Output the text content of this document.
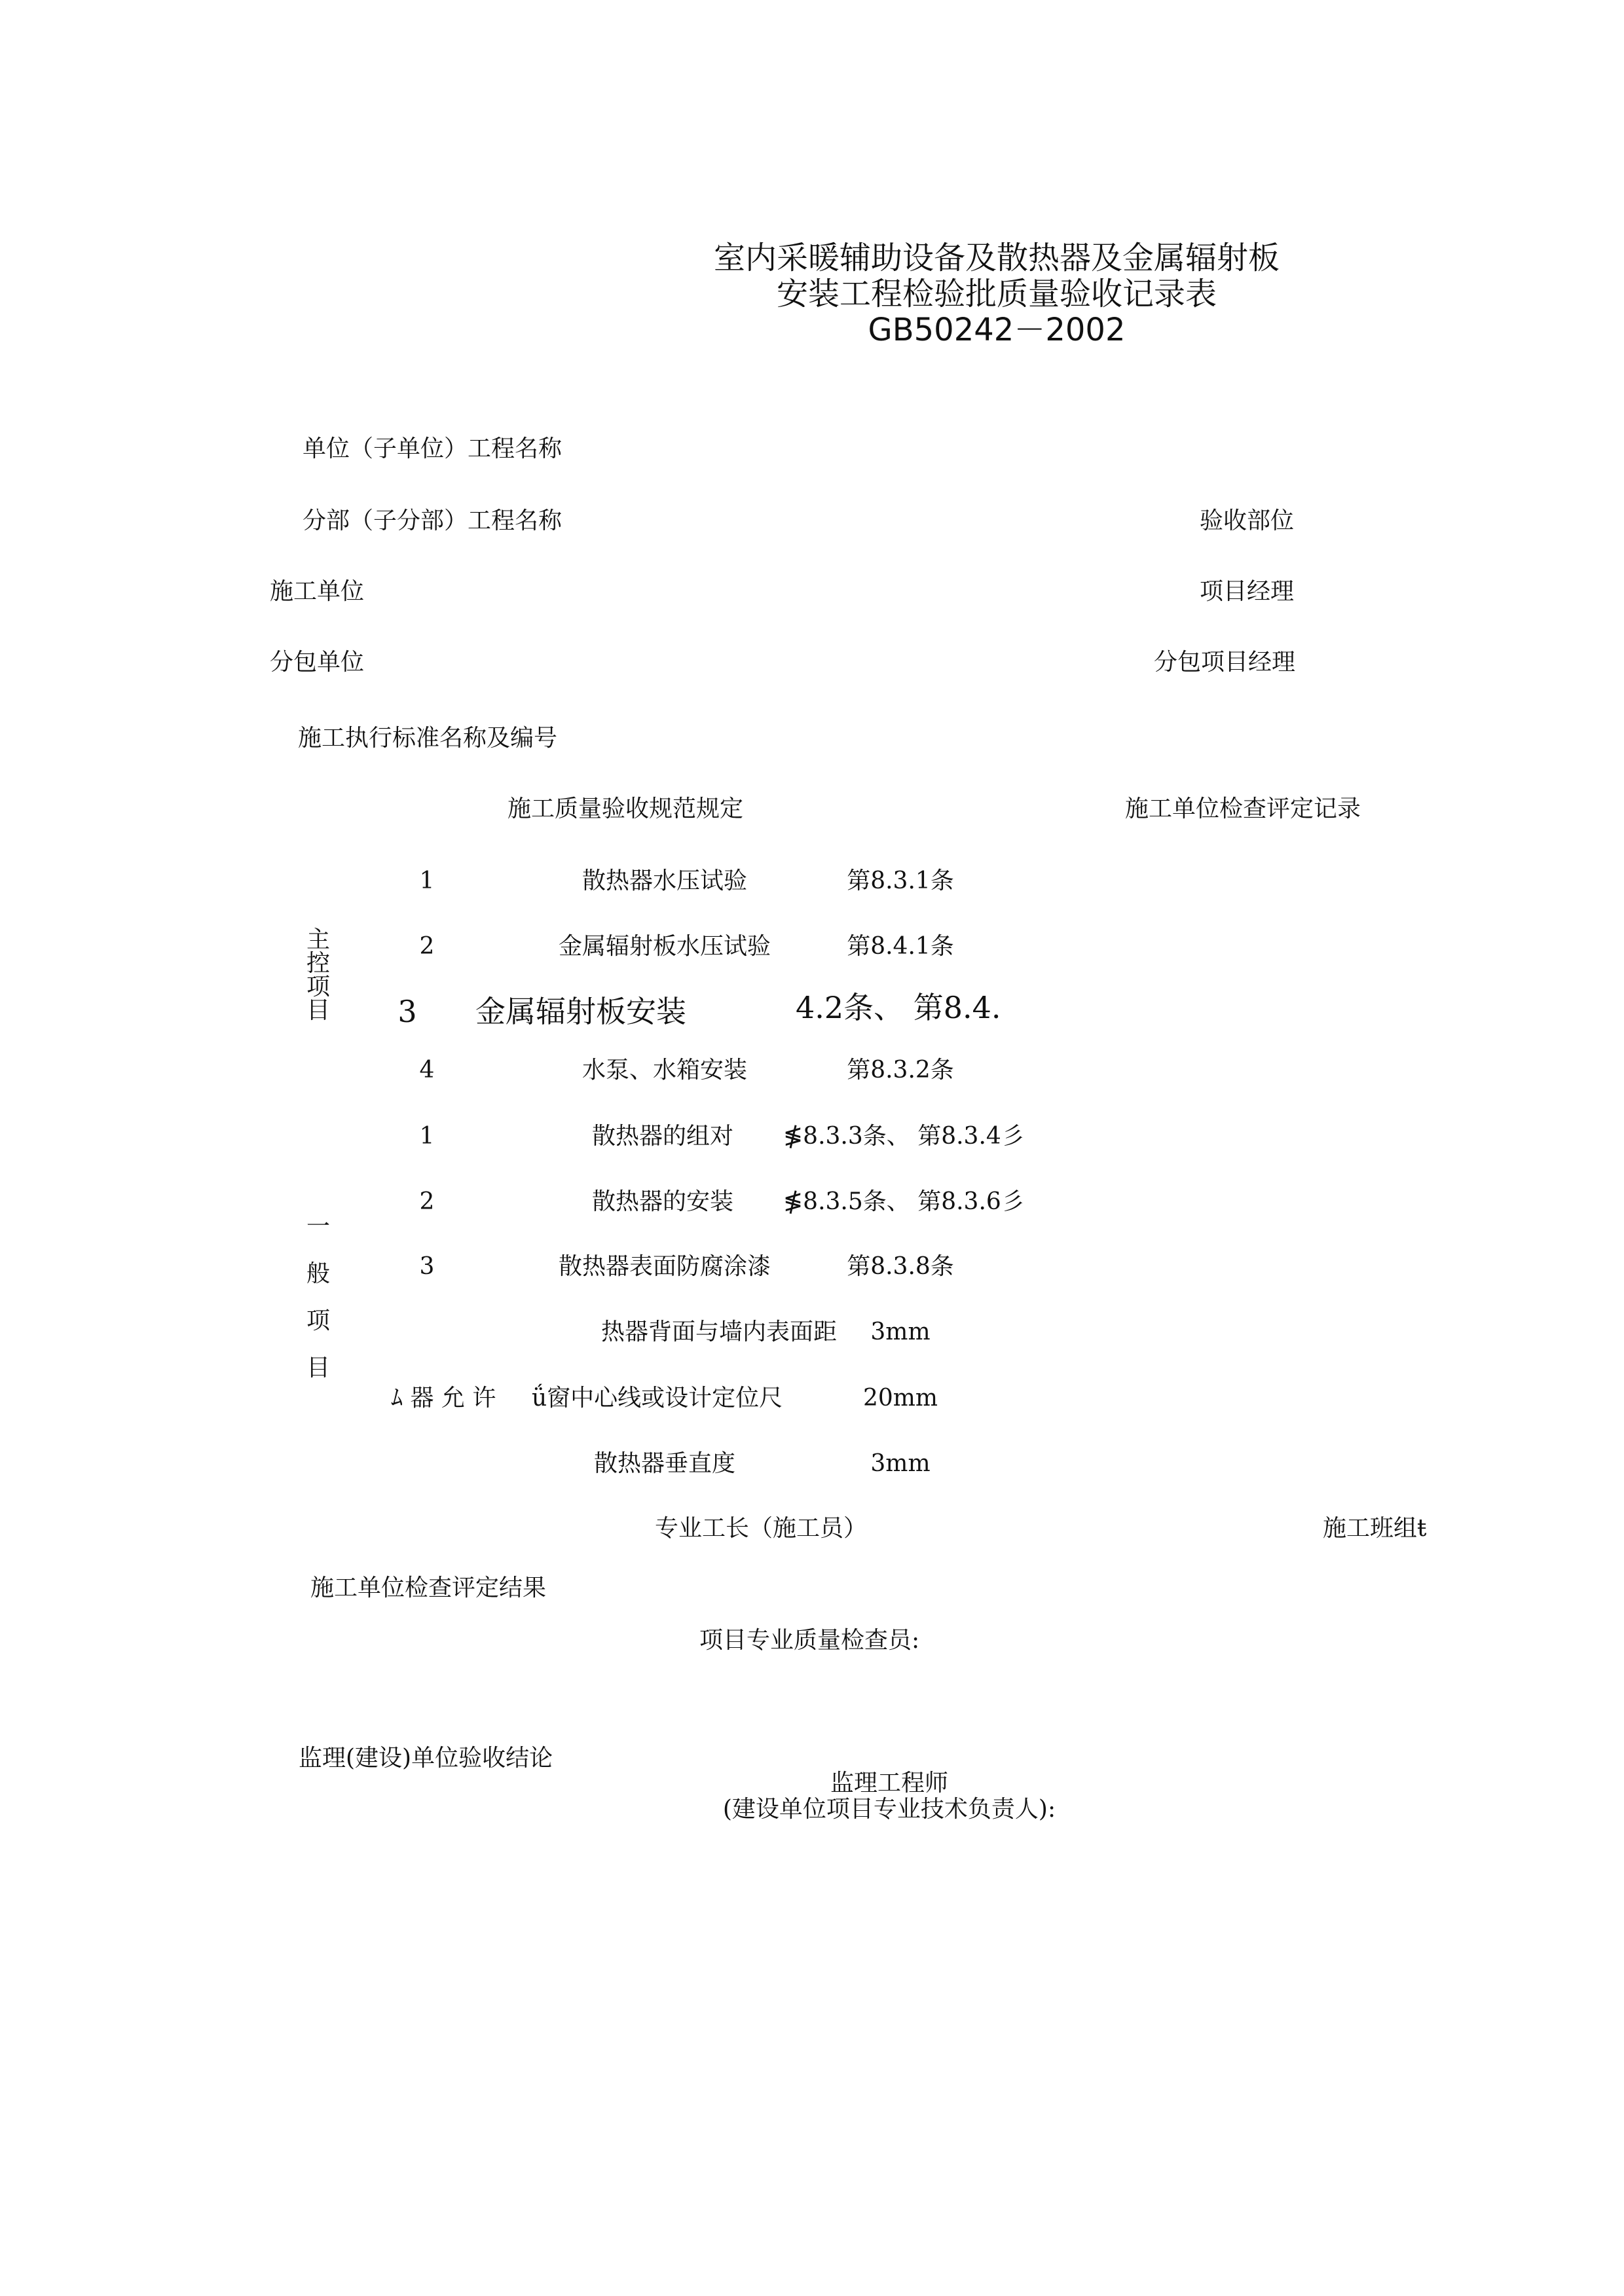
室内采暖辅助设备及散热器及金属辐射板
安装工程检验批质量验收记录表
GB50242－2002
单位（子单位）工程名称
分部（子分部）工程名称	验收部位
施工单位	项目经理
分包单位	分包项目经理
施工执行标准名称及编号
施工质量验收规范规定	施工单位检查评定记录
主
控
项
目
1	散热器水压试验	第8.3.1条
2	金属辐射板水压试验	第8.4.1条
3 金属辐射板安装	4.2条、 第8.4.
4	水泵、水箱安装	第8.3.2条
一
般
项
目
1	散热器的组对 ≸8.3.3条、 第8.3.4彡
2	散热器的安装 ≸8.3.5条、 第8.3.6彡
3	散热器表面防腐涂漆	第8.3.8条
热器背面与墙内表面距 3mm
ﾑ 器 允 许 ǘ窗中心线或设计定位尺	20mm
散热器垂直度	3mm
专业工长（施工员）	施工班组ŧ
施工单位检查评定结果
项目专业质量检查员:
监理(建设)单位验收结论
监理工程师
(建设单位项目专业技术负责人):
